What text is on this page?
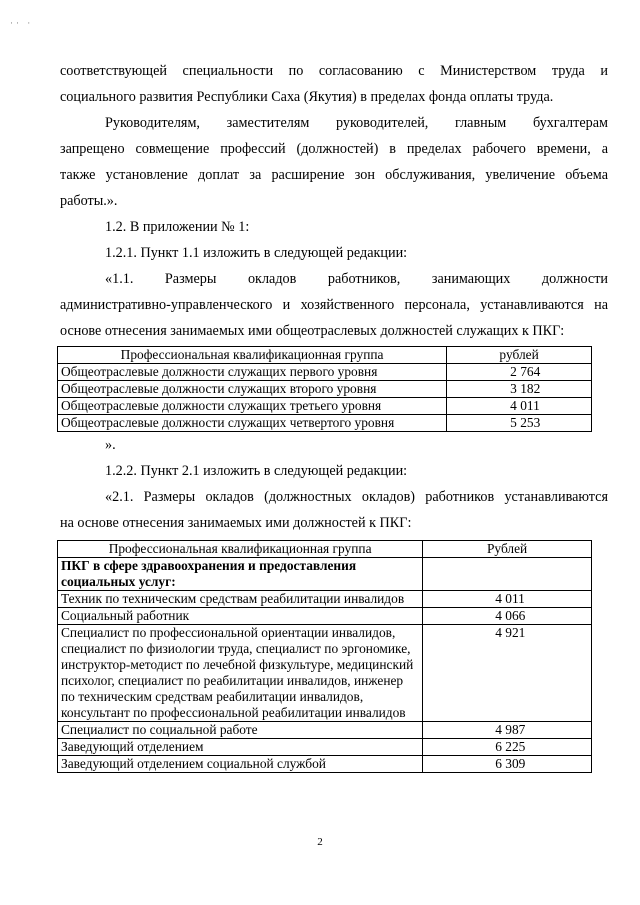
·· ·

соответствующей специальности по согласованию с Министерством труда и

социального развития Республики Саха (Якутия) в пределах фонда оплаты труда.

Руководителям, заместителям руководителей, главным бухгалтерам

запрещено совмещение профессий (должностей) в пределах рабочего времени, а

также установление доплат за расширение зон обслуживания, увеличение объема

работы.».

1.2. В приложении № 1:

1.2.1. Пункт 1.1 изложить в следующей редакции:

«1.1. Размеры окладов работников, занимающих должности

административно-управленческого и хозяйственного персонала, устанавливаются на

основе отнесения занимаемых ими общеотраслевых должностей служащих к ПКГ:

Профессиональная квалификационная группа	рублей
Общеотраслевые должности служащих первого уровня	2 764
Общеотраслевые должности служащих второго уровня	3 182
Общеотраслевые должности служащих третьего уровня	4 011
Общеотраслевые должности служащих четвертого уровня	5 253

».

1.2.2. Пункт 2.1 изложить в следующей редакции:

«2.1. Размеры окладов (должностных окладов) работников устанавливаются

на основе отнесения занимаемых ими должностей к ПКГ:

Профессиональная квалификационная группа	Рублей
ПКГ в сфере здравоохранения и предоставления социальных услуг:	
Техник по техническим средствам реабилитации инвалидов	4 011
Социальный работник	4 066
Специалист по профессиональной ориентации инвалидов, специалист по физиологии труда, специалист по эргономике, инструктор-методист по лечебной физкультуре, медицинский психолог, специалист по реабилитации инвалидов, инженер по техническим средствам реабилитации инвалидов, консультант по профессиональной реабилитации инвалидов	4 921
Специалист по социальной работе	4 987
Заведующий отделением	6 225
Заведующий отделением социальной службой	6 309
2
